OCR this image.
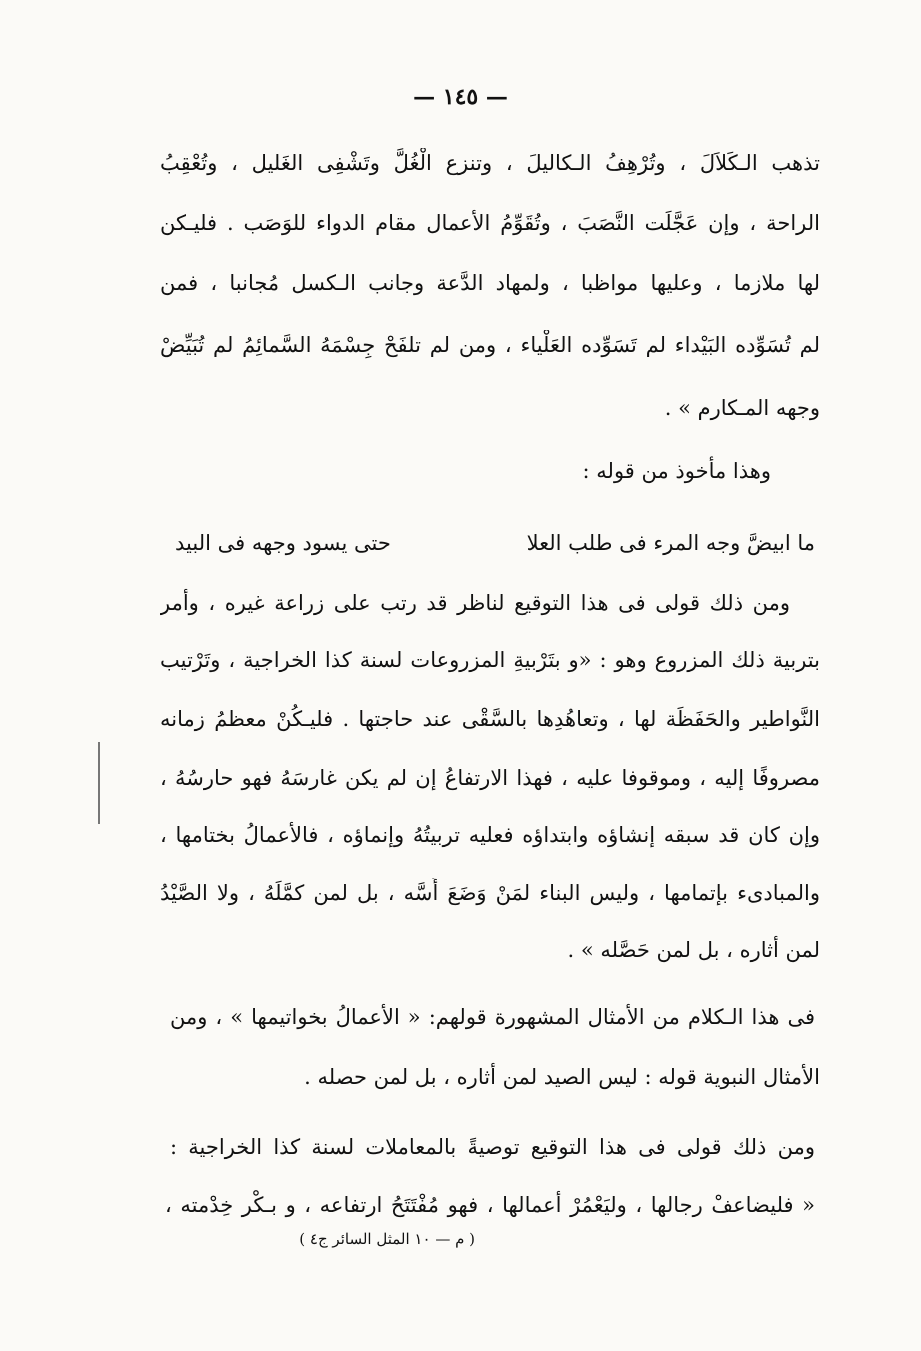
— ١٤٥ —
تذهب الـكَلاَلَ ، وتُرْهِفُ الـكاليلَ ، وتنزع الْغُلَّ وتَشْفِى الغَليل ، وتُعْقِبُ
الراحة ، وإن عَجَّلَت النَّصَبَ ، وتُقَوِّمُ الأعمال مقام الدواء للوَصَب . فليـكن
لها ملازما ، وعليها مواظبا ، ولمهاد الدَّعة وجانب الـكسل مُجانبا ، فمن
لم تُسَوِّده البَيْداء لم تَسَوِّده العَلْياء ، ومن لم تلفَحْ جِسْمَهُ السَّمائِمُ لم تُبَيِّضْ
وجهه المـكارم » .
وهذا مأخوذ من قوله :
ما ابيضَّ وجه المرء فى طلب العلا
حتى يسود وجهه فى البيد
ومن ذلك قولى فى هذا التوقيع لناظر قد رتب على زراعة غيره ، وأمر
بتربية ذلك المزروع وهو : «و بتَرْبيةِ المزروعات لسنة كذا الخراجية ، وتَرْتيب
النَّواطير والحَفَظَة لها ، وتعاهُدِها بالسَّقْى عند حاجتها . فليـكُنْ معظمُ زمانه
مصروفًا إليه ، وموقوفا عليه ، فهذا الارتفاعُ إن لم يكن غارسَهُ فهو حارسُهُ ،
وإن كان قد سبقه إنشاؤه وابتداؤه فعليه تربيتُهُ وإنماؤه ، فالأعمالُ بختامها ،
والمبادىء بإتمامها ، وليس البناء لمَنْ وَضَعَ أُسَّه ، بل لمن كمَّلَهُ ، ولا الصَّيْدُ
لمن أثاره ، بل لمن حَصَّله » .
فى هذا الـكلام من الأمثال المشهورة قولهم: « الأعمالُ بخواتيمها » ، ومن
الأمثال النبوية قوله : ليس الصيد لمن أثاره ، بل لمن حصله .
ومن ذلك قولى فى هذا التوقيع توصيةً بالمعاملات لسنة كذا الخراجية :
« فليضاعفْ رجالها ، وليَعْمُرْ أعمالها ، فهو مُفْتَتَحُ ارتفاعه ، و بـكْر خِدْمته ،
( م — ١٠ المثل السائر ج٤ )
